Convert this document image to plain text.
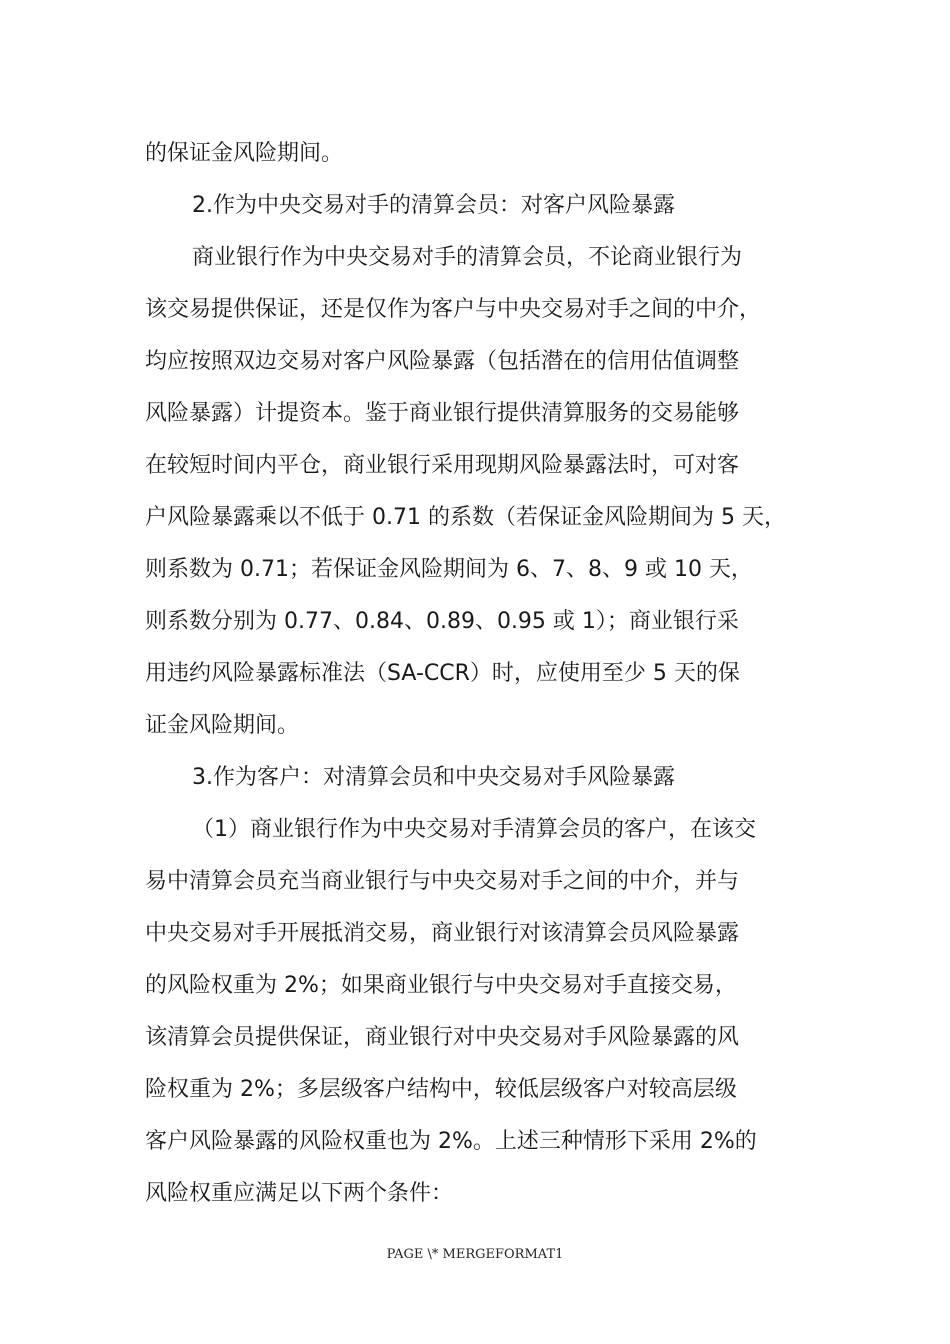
的保证金风险期间。
2.作为中央交易对手的清算会员：对客户风险暴露
商业银行作为中央交易对手的清算会员，不论商业银行为
该交易提供保证，还是仅作为客户与中央交易对手之间的中介，
均应按照双边交易对客户风险暴露（包括潜在的信用估值调整
风险暴露）计提资本。鉴于商业银行提供清算服务的交易能够
在较短时间内平仓，商业银行采用现期风险暴露法时，可对客
户风险暴露乘以不低于 0.71 的系数（若保证金风险期间为 5 天，
则系数为 0.71；若保证金风险期间为 6、7、8、9 或 10 天，
则系数分别为 0.77、0.84、0.89、0.95 或 1）；商业银行采
用违约风险暴露标准法（SA-CCR）时，应使用至少 5 天的保
证金风险期间。
3.作为客户：对清算会员和中央交易对手风险暴露
（1）商业银行作为中央交易对手清算会员的客户，在该交
易中清算会员充当商业银行与中央交易对手之间的中介，并与
中央交易对手开展抵消交易，商业银行对该清算会员风险暴露
的风险权重为 2%；如果商业银行与中央交易对手直接交易，
该清算会员提供保证，商业银行对中央交易对手风险暴露的风
险权重为 2%；多层级客户结构中，较低层级客户对较高层级
客户风险暴露的风险权重也为 2%。上述三种情形下采用 2%的
风险权重应满足以下两个条件：
PAGE \* MERGEFORMAT1
